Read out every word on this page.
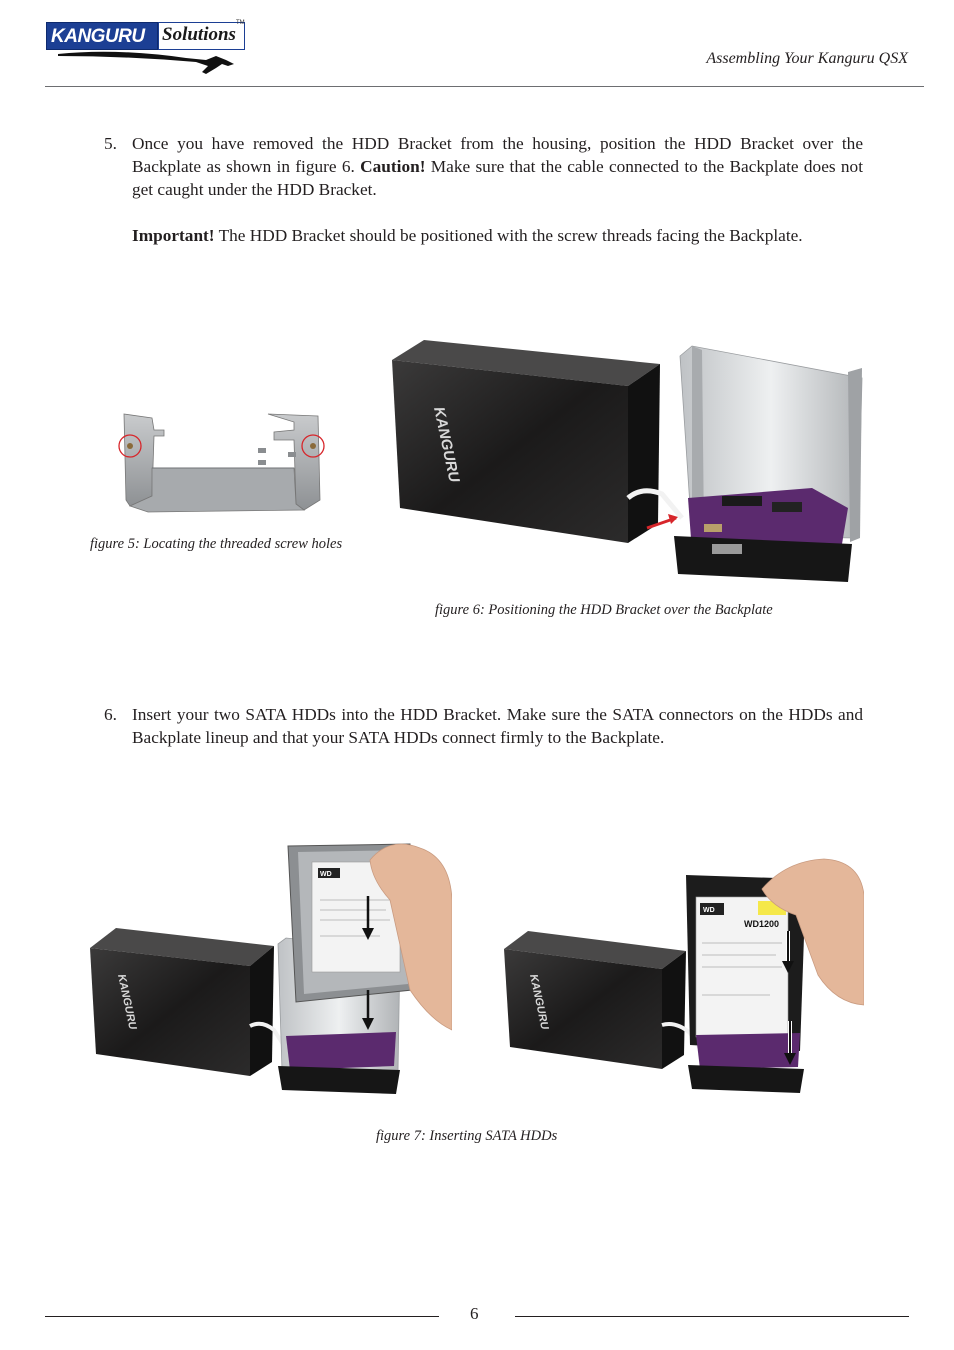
KANGURU Solutions
TM
Assembling Your Kanguru QSX
5. Once you have removed the HDD Bracket from the housing, position the HDD Bracket over the Backplate as shown in figure 6. Caution! Make sure that the cable connected to the Backplate does not get caught under the HDD Bracket.
Important! The HDD Bracket should be positioned with the screw threads facing the Backplate.
figure 5: Locating the threaded screw holes
KANGURU
figure 6: Positioning the HDD Bracket over the Backplate
6. Insert your two SATA HDDs into the HDD Bracket. Make sure the SATA connectors on the HDDs and Backplate lineup and that your SATA HDDs connect firmly to the Backplate.
KANGURU
WD
KANGURU
WD
WD1200
figure 7: Inserting SATA HDDs
6
